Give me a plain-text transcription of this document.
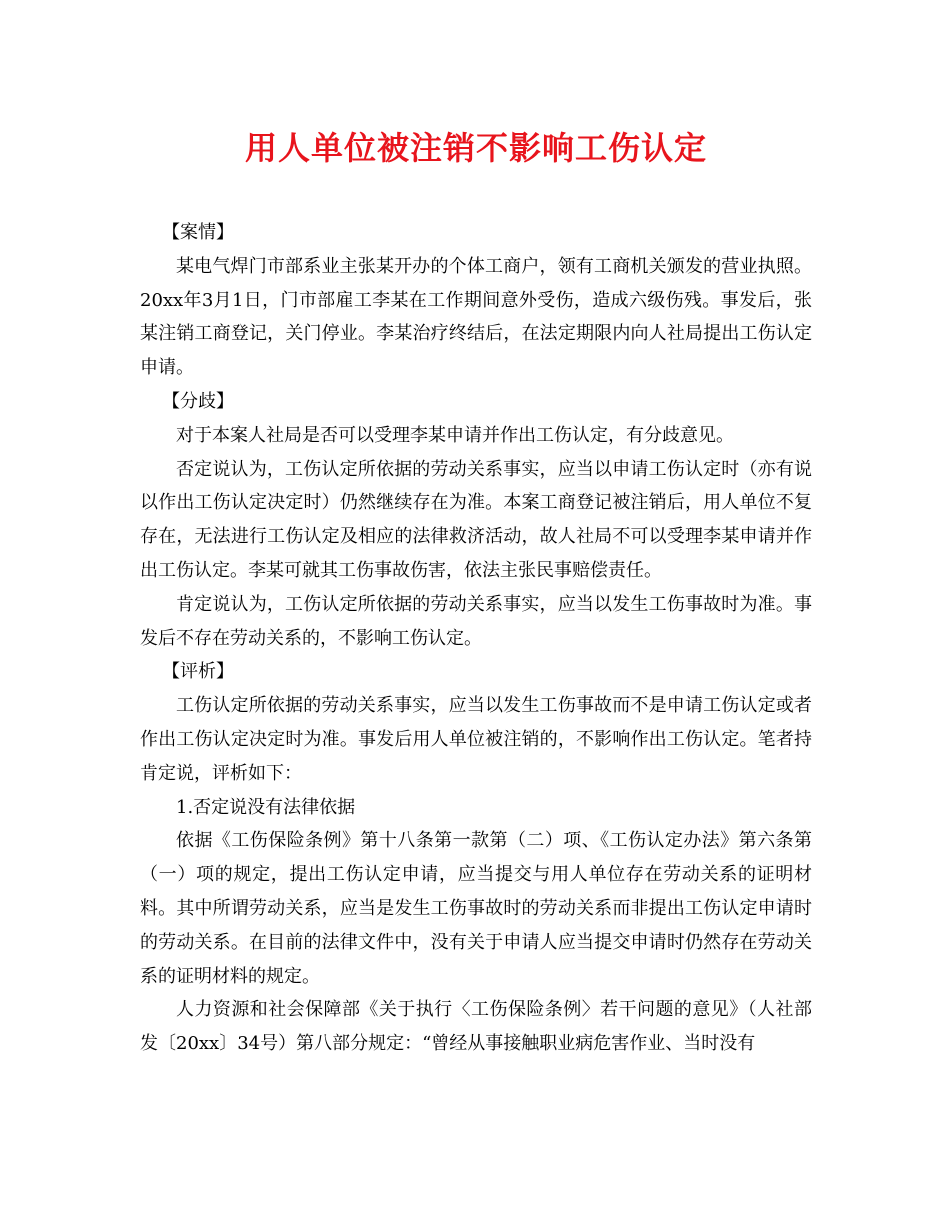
用人单位被注销不影响工伤认定

【案情】

某电气焊门市部系业主张某开办的个体工商户，领有工商机关颁发的营业执照。20xx年3月1日，门市部雇工李某在工作期间意外受伤，造成六级伤残。事发后，张某注销工商登记，关门停业。李某治疗终结后，在法定期限内向人社局提出工伤认定申请。

【分歧】

对于本案人社局是否可以受理李某申请并作出工伤认定，有分歧意见。

否定说认为，工伤认定所依据的劳动关系事实，应当以申请工伤认定时（亦有说以作出工伤认定决定时）仍然继续存在为准。本案工商登记被注销后，用人单位不复存在，无法进行工伤认定及相应的法律救济活动，故人社局不可以受理李某申请并作出工伤认定。李某可就其工伤事故伤害，依法主张民事赔偿责任。

肯定说认为，工伤认定所依据的劳动关系事实，应当以发生工伤事故时为准。事发后不存在劳动关系的，不影响工伤认定。

【评析】

工伤认定所依据的劳动关系事实，应当以发生工伤事故而不是申请工伤认定或者作出工伤认定决定时为准。事发后用人单位被注销的，不影响作出工伤认定。笔者持肯定说，评析如下：

1.否定说没有法律依据

依据《工伤保险条例》第十八条第一款第（二）项、《工伤认定办法》第六条第（一）项的规定，提出工伤认定申请，应当提交与用人单位存在劳动关系的证明材料。其中所谓劳动关系，应当是发生工伤事故时的劳动关系而非提出工伤认定申请时的劳动关系。在目前的法律文件中，没有关于申请人应当提交申请时仍然存在劳动关系的证明材料的规定。

人力资源和社会保障部《关于执行〈工伤保险条例〉若干问题的意见》（人社部发〔20xx〕34号）第八部分规定：“曾经从事接触职业病危害作业、当时没有
